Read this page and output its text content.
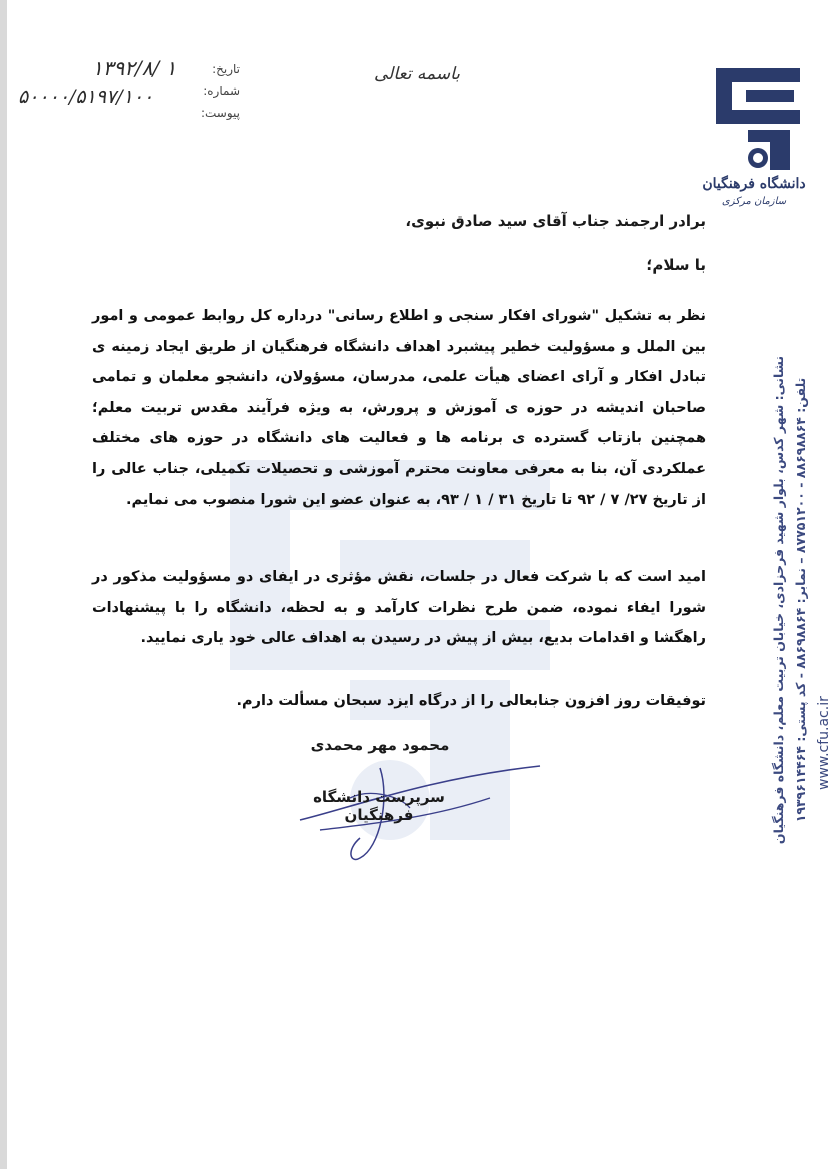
تاریخ:
شماره:
پیوست:
۱۳۹۲/۸/ ۱
۵۰۰۰۰/۵۱۹۷/۱۰۰
باسمه تعالی
دانشگاه فرهنگیان
سازمان مرکزی
نشانی: شهر کدس، بلوار شهید فرحزادی، خیابان تربیت معلم، دانشگاه فرهنگیان تلفن: ۸۸۶۹۸۸۶۴ - ۸۷۷۵۱۲۰۰ – نمابر: ۸۸۶۹۸۸۶۴ - کد پستی: ۱۹۳۹۶۱۴۴۶۴
www.cfu.ac.ir
برادر ارجمند جناب آقای سید صادق نبوی،
با سلام؛
نظر به تشکیل "شورای افکار سنجی و اطلاع رسانی" درداره کل روابط عمومی و امور بین الملل و مسؤولیت خطیر پیشبرد اهداف دانشگاه فرهنگیان از طریق ایجاد زمینه ی تبادل افکار و آرای اعضای هیأت علمی، مدرسان، مسؤولان، دانشجو معلمان و تمامی صاحبان اندیشه در حوزه ی آموزش و پرورش، به ویژه فرآیند مقدس تربیت معلم؛ همچنین بازتاب گسترده ی برنامه ها و فعالیت های دانشگاه در حوزه های مختلف عملکردی آن، بنا به معرفی معاونت محترم آموزشی و تحصیلات تکمیلی، جناب عالی را از تاریخ ۲۷/ ۷ / ۹۲ تا تاریخ ۳۱ / ۱ / ۹۳، به عنوان عضو این شورا منصوب می نمایم.
امید است که با شرکت فعال در جلسات، نقش مؤثری در ایفای دو مسؤولیت مذکور در شورا ایفاء نموده، ضمن طرح نظرات کارآمد و به لحظه، دانشگاه را با پیشنهادات راهگشا و اقدامات بدیع، بیش از پیش در رسیدن به اهداف عالی خود یاری نمایید.
توفیقات روز افزون جنابعالی را از درگاه ایزد سبحان مسألت دارم.
محمود مهر محمدی
سرپرست دانشگاه فرهنگیان
